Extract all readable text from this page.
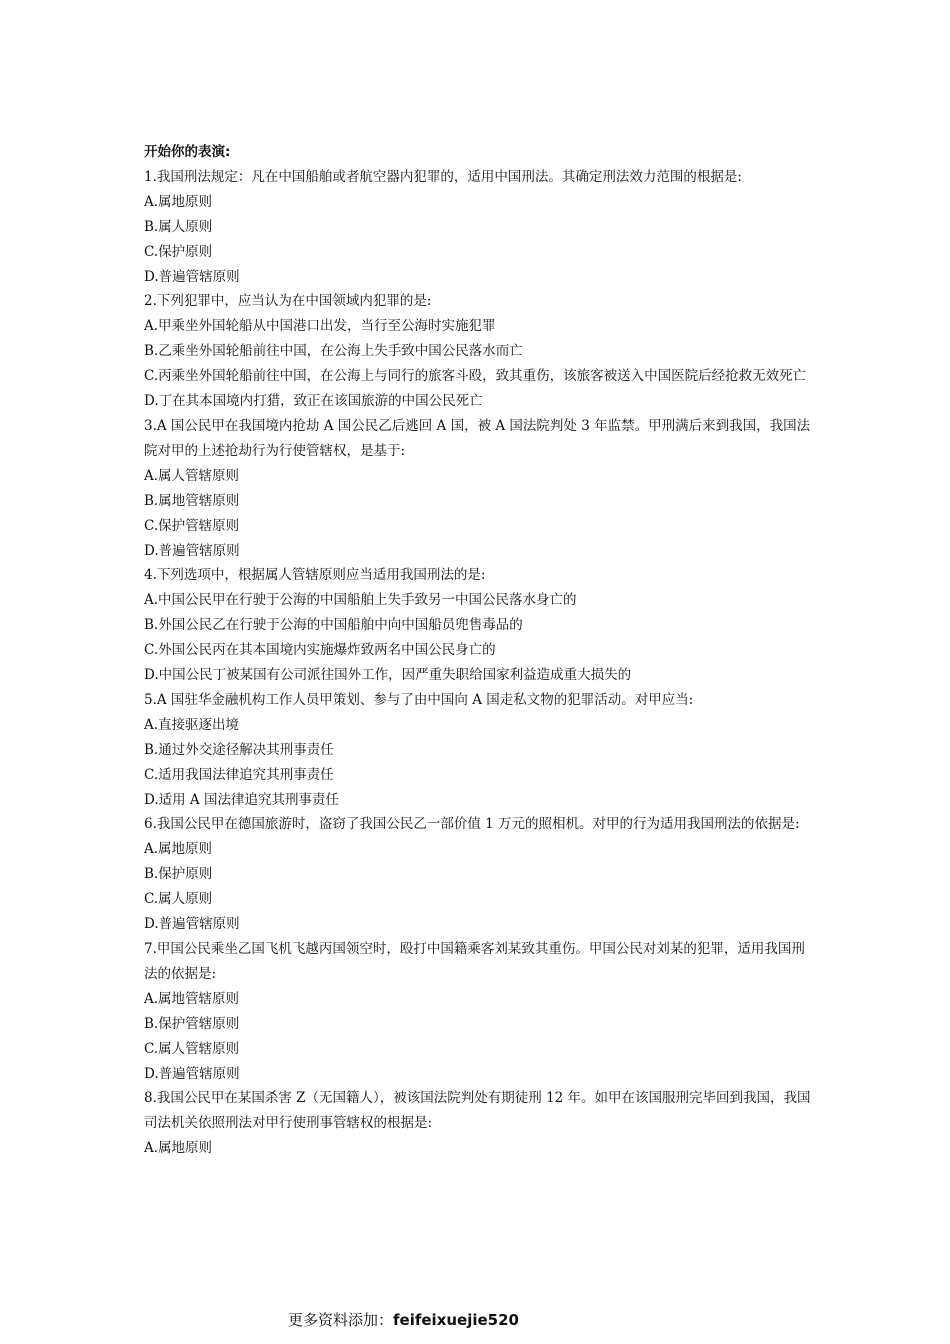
开始你的表演:
1.我国刑法规定：凡在中国船舶或者航空器内犯罪的，适用中国刑法。其确定刑法效力范围的根据是:
A.属地原则
B.属人原则
C.保护原则
D.普遍管辖原则
2.下列犯罪中，应当认为在中国领域内犯罪的是:
A.甲乘坐外国轮船从中国港口出发，当行至公海时实施犯罪
B.乙乘坐外国轮船前往中国，在公海上失手致中国公民落水而亡
C.丙乘坐外国轮船前往中国，在公海上与同行的旅客斗殴，致其重伤，该旅客被送入中国医院后经抢救无效死亡
D.丁在其本国境内打猎，致正在该国旅游的中国公民死亡
3.A 国公民甲在我国境内抢劫 A 国公民乙后逃回 A 国，被 A 国法院判处 3 年监禁。甲刑满后来到我国，我国法院对甲的上述抢劫行为行使管辖权，是基于:
A.属人管辖原则
B.属地管辖原则
C.保护管辖原则
D.普遍管辖原则
4.下列选项中，根据属人管辖原则应当适用我国刑法的是:
A.中国公民甲在行驶于公海的中国船舶上失手致另一中国公民落水身亡的
B.外国公民乙在行驶于公海的中国船舶中向中国船员兜售毒品的
C.外国公民丙在其本国境内实施爆炸致两名中国公民身亡的
D.中国公民丁被某国有公司派往国外工作，因严重失职给国家利益造成重大损失的
5.A 国驻华金融机构工作人员甲策划、参与了由中国向 A 国走私文物的犯罪活动。对甲应当:
A.直接驱逐出境
B.通过外交途径解决其刑事责任
C.适用我国法律追究其刑事责任
D.适用 A 国法律追究其刑事责任
6.我国公民甲在德国旅游时，盗窃了我国公民乙一部价值 1 万元的照相机。对甲的行为适用我国刑法的依据是:
A.属地原则
B.保护原则
C.属人原则
D.普遍管辖原则
7.甲国公民乘坐乙国飞机飞越丙国领空时，殴打中国籍乘客刘某致其重伤。甲国公民对刘某的犯罪，适用我国刑法的依据是:
A.属地管辖原则
B.保护管辖原则
C.属人管辖原则
D.普遍管辖原则
8.我国公民甲在某国杀害 Z（无国籍人），被该国法院判处有期徒刑 12 年。如甲在该国服刑完毕回到我国，我国司法机关依照刑法对甲行使刑事管辖权的根据是:
A.属地原则
更多资料添加：feifeixuejie520
